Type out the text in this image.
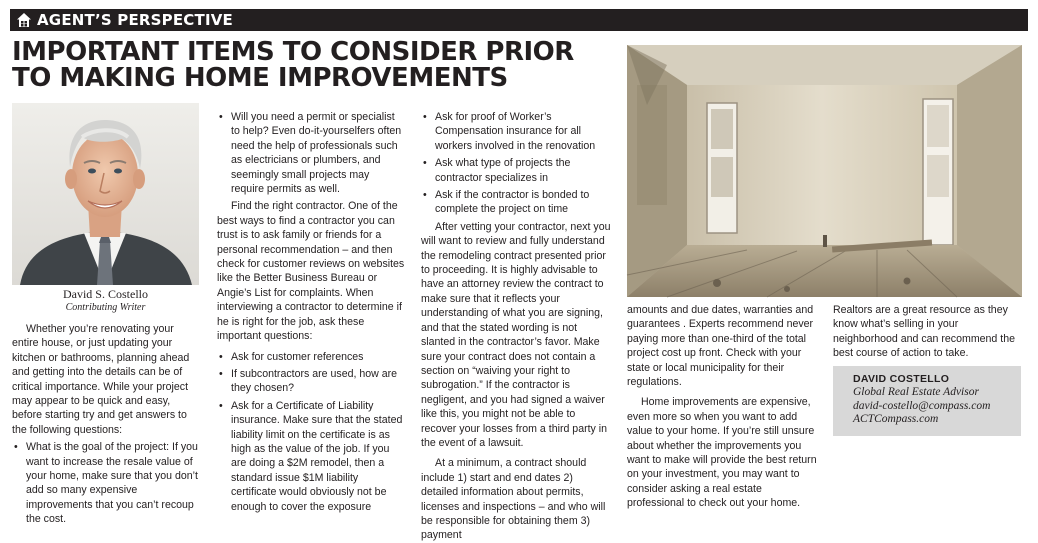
AGENT’S PERSPECTIVE
IMPORTANT ITEMS TO CONSIDER PRIOR TO MAKING HOME IMPROVEMENTS
David S. Costello
Contributing Writer

Whether you’re renovating your entire house, or just updating your kitchen or bathrooms, planning ahead and getting into the details can be of critical importance. While your project may appear to be quick and easy, before starting try and get answers to the following questions:

• What is the goal of the project: If you want to increase the resale value of your home, make sure that you don’t add so many expensive improvements that you can’t recoup the cost.
• Will you need a permit or specialist to help? Even do-it-yourselfers often need the help of professionals such as electricians or plumbers, and seemingly small projects may require permits as well.

Find the right contractor. One of the best ways to find a contractor you can trust is to ask family or friends for a personal recommendation – and then check for customer reviews on websites like the Better Business Bureau or Angie’s List for complaints. When interviewing a contractor to determine if he is right for the job, ask these important questions:

• Ask for customer references
• If subcontractors are used, how are they chosen?
• Ask for a Certificate of Liability insurance. Make sure that the stated liability limit on the certificate is as high as the value of the job. If you are doing a $2M remodel, then a standard issue $1M liability certificate would obviously not be enough to cover the exposure
• Ask for proof of Worker’s Compensation insurance for all workers involved in the renovation
• Ask what type of projects the contractor specializes in
• Ask if the contractor is bonded to complete the project on time

After vetting your contractor, next you will want to review and fully understand the remodeling contract presented prior to proceeding. It is highly advisable to have an attorney review the contract to make sure that it reflects your understanding of what you are signing, and that the stated wording is not slanted in the contractor’s favor. Make sure your contract does not contain a section on “waiving your right to subrogation.” If the contractor is negligent, and you had signed a waiver like this, you might not be able to recover your losses from a third party in the event of a lawsuit.

At a minimum, a contract should include 1) start and end dates 2) detailed information about permits, licenses and inspections – and who will be responsible for obtaining them 3) payment

amounts and due dates, warranties and guarantees . Experts recommend never paying more than one-third of the total project cost up front. Check with your state or local municipality for their regulations.

Home improvements are expensive, even more so when you want to add value to your home. If you’re still unsure about whether the improvements you want to make will provide the best return on your investment, you may want to consider asking a real estate professional to check out your home.

Realtors are a great resource as they know what’s selling in your neighborhood and can recommend the best course of action to take.

DAVID COSTELLO
Global Real Estate Advisor
david-costello@compass.com
ACTCompass.com
